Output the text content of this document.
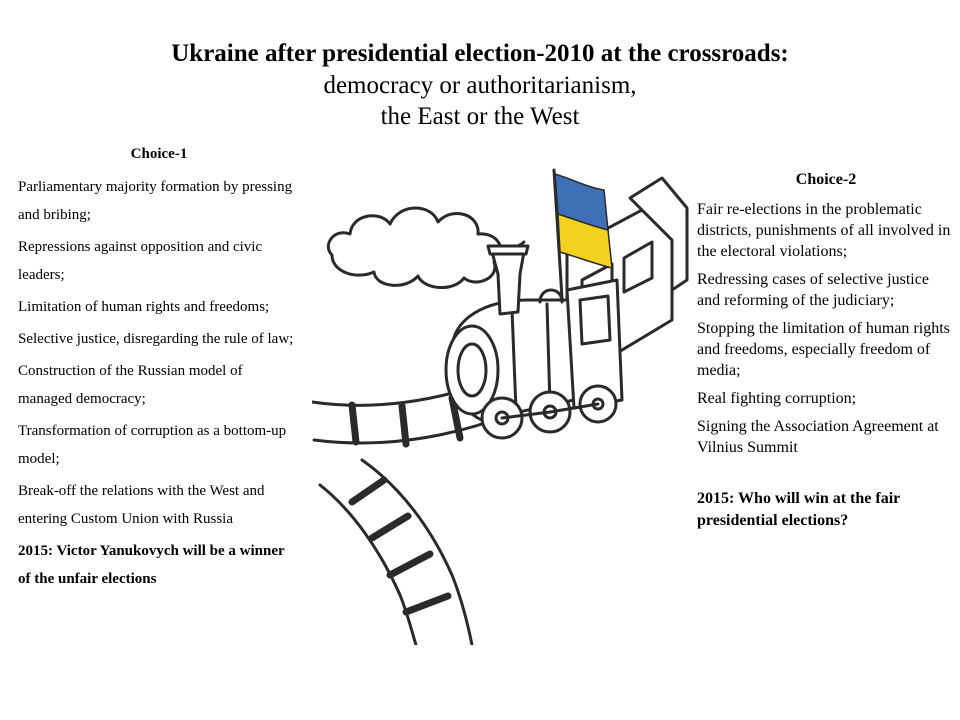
Ukraine after presidential election-2010 at the crossroads:
democracy or authoritarianism,
the East or the West
Choice-1
Parliamentary majority formation by pressing and bribing;
Repressions against opposition and civic leaders;
Limitation of human rights and freedoms;
Selective justice, disregarding the rule of law;
Construction of the Russian model of managed democracy;
Transformation of corruption as a bottom-up model;
Break-off the relations with the West and entering Custom Union with Russia
2015: Victor Yanukovych will be a winner of the unfair elections
Choice-2
Fair re-elections in the problematic districts, punishments of all involved in the electoral violations;
Redressing cases of selective justice and reforming of the judiciary;
Stopping the limitation of human rights and freedoms, especially freedom of media;
Real fighting corruption;
Signing the Association Agreement at Vilnius Summit
2015: Who will win at the fair presidential elections?
